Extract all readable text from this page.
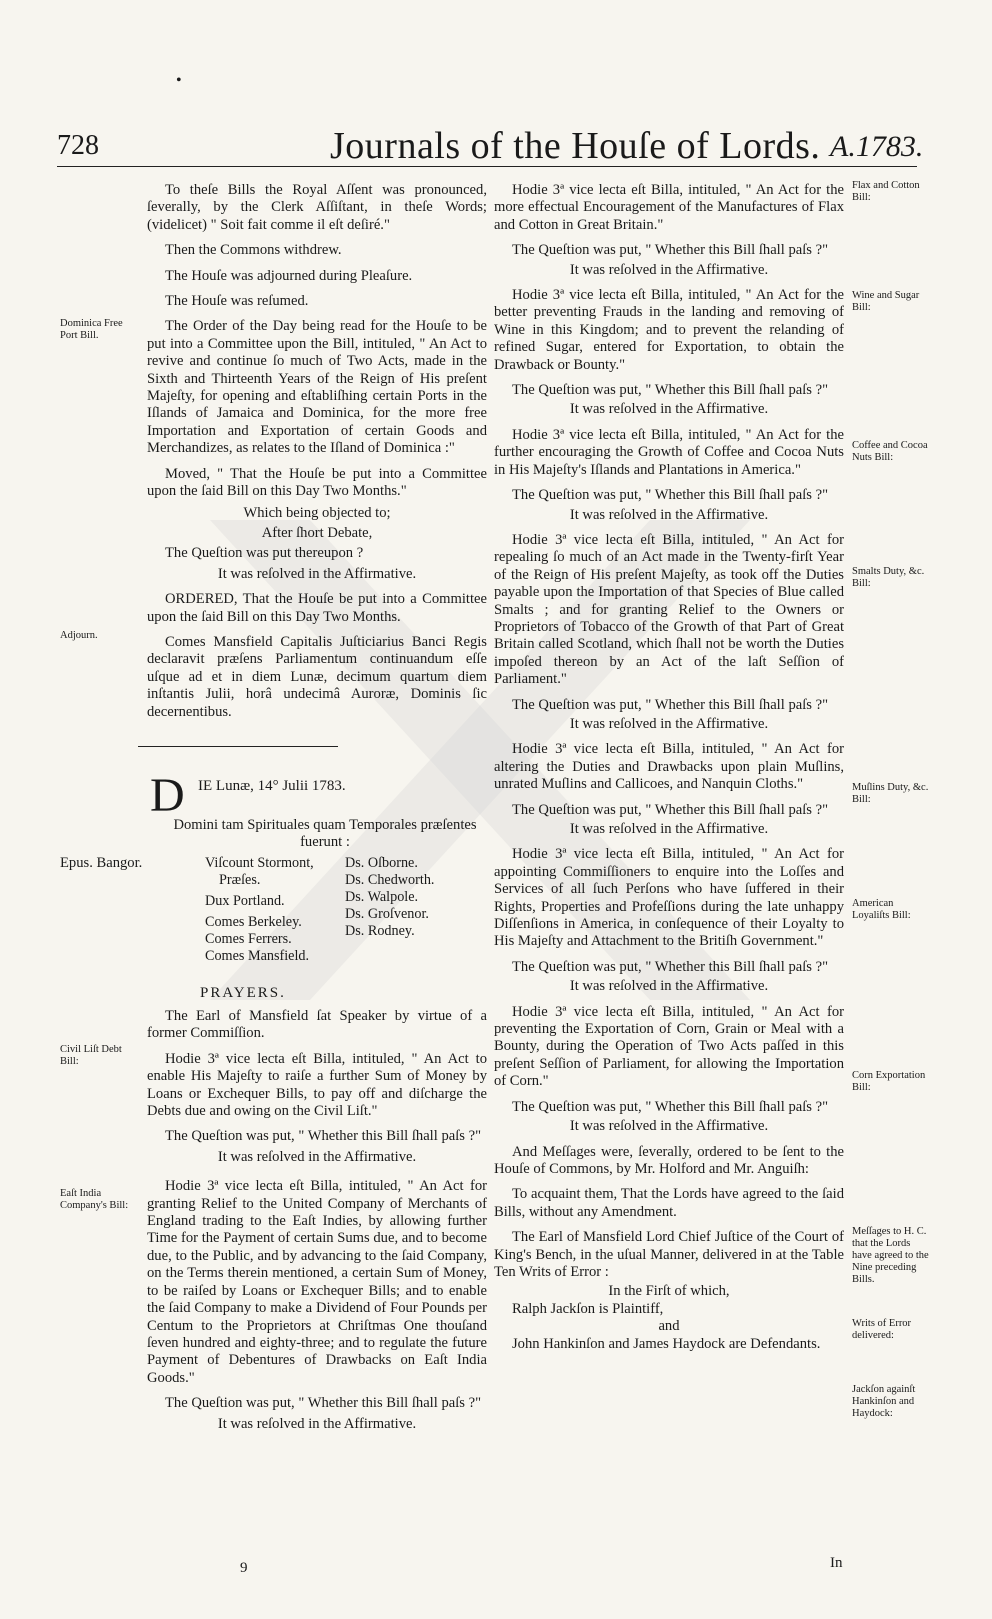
•
728	Journals of the Houſe of Lords. A.1783.

To theſe Bills the Royal Aſſent was pronounced, ſeverally, by the Clerk Aſſiſtant, in theſe Words; (videlicet) " Soit fait comme il eſt deſiré."

Then the Commons withdrew.

The Houſe was adjourned during Pleaſure.

The Houſe was reſumed.

The Order of the Day being read for the Houſe to be put into a Committee upon the Bill, intituled, " An Act to revive and continue ſo much of Two Acts, made in the Sixth and Thirteenth Years of the Reign of His preſent Majeſty, for opening and eſtabliſhing certain Ports in the Iſlands of Jamaica and Dominica, for the more free Importation and Exportation of certain Goods and Merchandizes, as relates to the Iſland of Dominica :"

Moved, " That the Houſe be put into a Committee upon the ſaid Bill on this Day Two Months."

Which being objected to;

After ſhort Debate,

The Queſtion was put thereupon ?

It was reſolved in the Affirmative.

ORDERED, That the Houſe be put into a Committee upon the ſaid Bill on this Day Two Months.

Comes Mansfield Capitalis Juſticiarius Banci Regis declaravit præſens Parliamentum continuandum eſſe uſque ad et in diem Lunæ, decimum quartum diem inſtantis Julii, horâ undecimâ Auroræ, Dominis ſic decernentibus.

D IE Lunæ, 14° Julii 1783.
Domini tam Spirituales quam Temporales præſentes fuerunt :
Epus. Bangor.	Viſcount Stormont,
Præſes.
Dux Portland.
Comes Berkeley.
Comes Ferrers.
Comes Mansfield.
Ds. Oſborne.
Ds. Chedworth.
Ds. Walpole.
Ds. Groſvenor.
Ds. Rodney.
PRAYERS.

The Earl of Mansfield ſat Speaker by virtue of a former Commiſſion.

Hodie 3ª vice lecta eſt Billa, intituled, " An Act to enable His Majeſty to raiſe a further Sum of Money by Loans or Exchequer Bills, to pay off and diſcharge the Debts due and owing on the Civil Liſt."

The Queſtion was put, " Whether this Bill ſhall paſs ?"

It was reſolved in the Affirmative.

Hodie 3ª vice lecta eſt Billa, intituled, " An Act for granting Relief to the United Company of Merchants of England trading to the Eaſt Indies, by allowing further Time for the Payment of certain Sums due, and to become due, to the Public, and by advancing to the ſaid Company, on the Terms therein mentioned, a certain Sum of Money, to be raiſed by Loans or Exchequer Bills; and to enable the ſaid Company to make a Dividend of Four Pounds per Centum to the Proprietors at Chriſtmas One thouſand ſeven hundred and eighty-three; and to regulate the future Payment of Debentures of Drawbacks on Eaſt India Goods."

The Queſtion was put, " Whether this Bill ſhall paſs ?"

It was reſolved in the Affirmative.

Hodie 3ª vice lecta eſt Billa, intituled, " An Act for the more effectual Encouragement of the Manufactures of Flax and Cotton in Great Britain."

The Queſtion was put, " Whether this Bill ſhall paſs ?"

It was reſolved in the Affirmative.

Hodie 3ª vice lecta eſt Billa, intituled, " An Act for the better preventing Frauds in the landing and removing of Wine in this Kingdom; and to prevent the relanding of refined Sugar, entered for Exportation, to obtain the Drawback or Bounty."

The Queſtion was put, " Whether this Bill ſhall paſs ?"

It was reſolved in the Affirmative.

Hodie 3ª vice lecta eſt Billa, intituled, " An Act for the further encouraging the Growth of Coffee and Cocoa Nuts in His Majeſty's Iſlands and Plantations in America."

The Queſtion was put, " Whether this Bill ſhall paſs ?"

It was reſolved in the Affirmative.

Hodie 3ª vice lecta eſt Billa, intituled, " An Act for repealing ſo much of an Act made in the Twenty-firſt Year of the Reign of His preſent Majeſty, as took off the Duties payable upon the Importation of that Species of Blue called Smalts ; and for granting Relief to the Owners or Proprietors of Tobacco of the Growth of that Part of Great Britain called Scotland, which ſhall not be worth the Duties impoſed thereon by an Act of the laſt Seſſion of Parliament."

The Queſtion was put, " Whether this Bill ſhall paſs ?"

It was reſolved in the Affirmative.

Hodie 3ª vice lecta eſt Billa, intituled, " An Act for altering the Duties and Drawbacks upon plain Muſlins, unrated Muſlins and Callicoes, and Nanquin Cloths."

The Queſtion was put, " Whether this Bill ſhall paſs ?"

It was reſolved in the Affirmative.

Hodie 3ª vice lecta eſt Billa, intituled, " An Act for appointing Commiſſioners to enquire into the Loſſes and Services of all ſuch Perſons who have ſuffered in their Rights, Properties and Profeſſions during the late unhappy Diſſenſions in America, in conſequence of their Loyalty to His Majeſty and Attachment to the Britiſh Government."

The Queſtion was put, " Whether this Bill ſhall paſs ?"

It was reſolved in the Affirmative.

Hodie 3ª vice lecta eſt Billa, intituled, " An Act for preventing the Exportation of Corn, Grain or Meal with a Bounty, during the Operation of Two Acts paſſed in this preſent Seſſion of Parliament, for allowing the Importation of Corn."

The Queſtion was put, " Whether this Bill ſhall paſs ?"

It was reſolved in the Affirmative.

And Meſſages were, ſeverally, ordered to be ſent to the Houſe of Commons, by Mr. Holford and Mr. Anguiſh:

To acquaint them, That the Lords have agreed to the ſaid Bills, without any Amendment.

The Earl of Mansfield Lord Chief Juſtice of the Court of King's Bench, in the uſual Manner, delivered in at the Table Ten Writs of Error :

In the Firſt of which,

Ralph Jackſon is Plaintiff,

and

John Hankinſon and James Haydock are Defendants.

Dominica Free Port Bill.
Adjourn.
Civil Liſt Debt Bill:
Eaſt India Company's Bill:
Flax and Cotton Bill:
Wine and Sugar Bill:
Coffee and Cocoa Nuts Bill:
Smalts Duty, &c. Bill:
Muſlins Duty, &c. Bill:
American Loyaliſts Bill:
Corn Exportation Bill:
Meſſages to H. C. that the Lords have agreed to the Nine preceding Bills.
Writs of Error delivered:
Jackſon againſt Hankinſon and Haydock:
9	In
